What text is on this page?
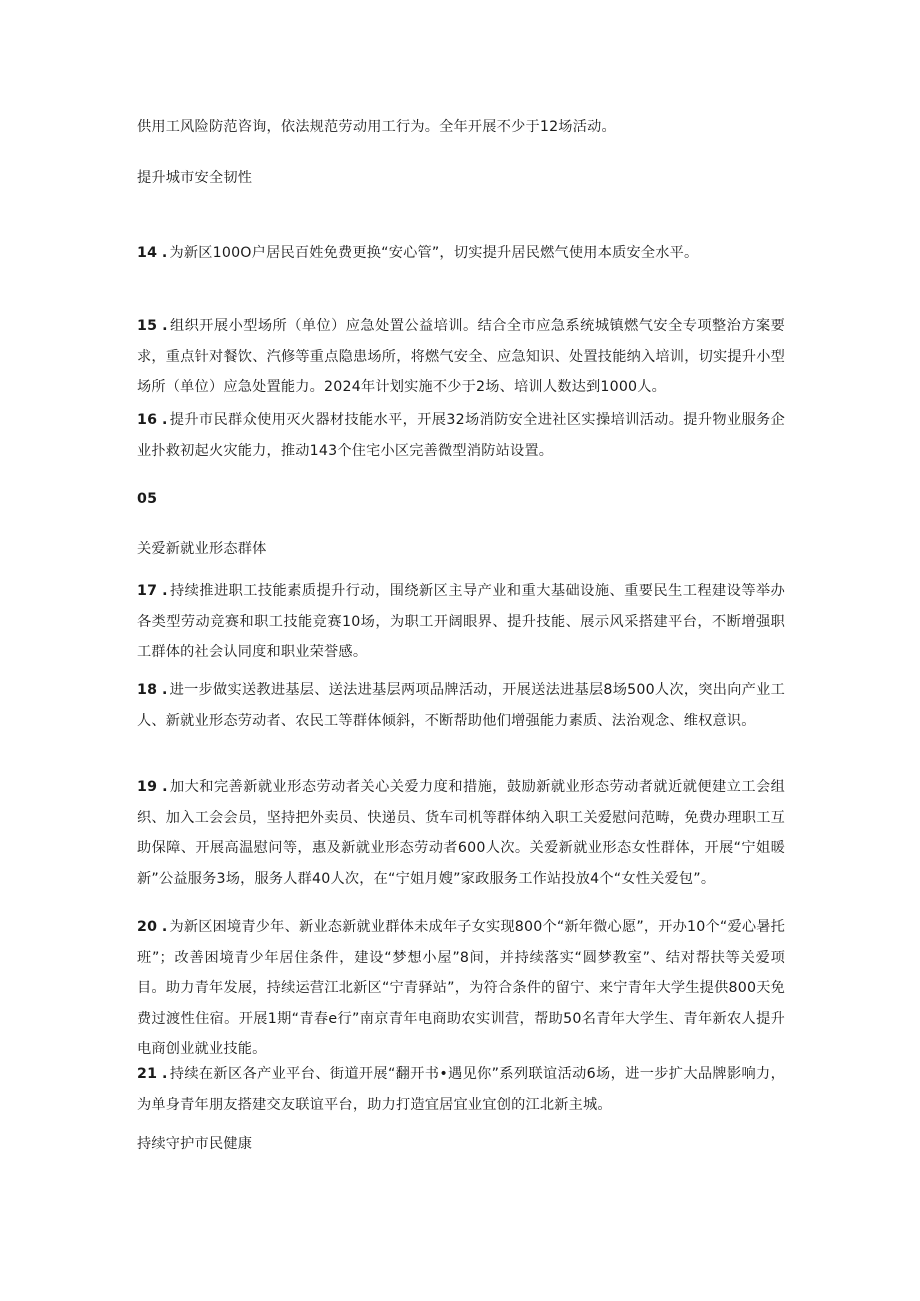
供用工风险防范咨询，依法规范劳动用工行为。全年开展不少于12场活动。
提升城市安全韧性
14 . 为新区100O户居民百姓免费更换“安心管”，切实提升居民燃气使用本质安全水平。
15 . 组织开展小型场所（单位）应急处置公益培训。结合全市应急系统城镇燃气安全专项整治方案要求，重点针对餐饮、汽修等重点隐患场所，将燃气安全、应急知识、处置技能纳入培训，切实提升小型场所（单位）应急处置能力。2024年计划实施不少于2场、培训人数达到1000人。
16 . 提升市民群众使用灭火器材技能水平，开展32场消防安全进社区实操培训活动。提升物业服务企业扑救初起火灾能力，推动143个住宅小区完善微型消防站设置。
05
关爱新就业形态群体
17 . 持续推进职工技能素质提升行动，围绕新区主导产业和重大基础设施、重要民生工程建设等举办各类型劳动竞赛和职工技能竞赛10场，为职工开阔眼界、提升技能、展示风采搭建平台，不断增强职工群体的社会认同度和职业荣誉感。
18 . 进一步做实送教进基层、送法进基层两项品牌活动，开展送法进基层8场500人次，突出向产业工人、新就业形态劳动者、农民工等群体倾斜，不断帮助他们增强能力素质、法治观念、维权意识。
19 . 加大和完善新就业形态劳动者关心关爱力度和措施，鼓励新就业形态劳动者就近就便建立工会组织、加入工会会员，坚持把外卖员、快递员、货车司机等群体纳入职工关爱慰问范畴，免费办理职工互助保障、开展高温慰问等，惠及新就业形态劳动者600人次。关爱新就业形态女性群体，开展“宁姐暖新”公益服务3场，服务人群40人次，在“宁姐月嫂”家政服务工作站投放4个“女性关爱包”。
20 . 为新区困境青少年、新业态新就业群体未成年子女实现800个“新年微心愿”，开办10个“爱心暑托班”；改善困境青少年居住条件，建设“梦想小屋”8间，并持续落实“圆梦教室”、结对帮扶等关爱项目。助力青年发展，持续运营江北新区“宁青驿站”，为符合条件的留宁、来宁青年大学生提供800天免费过渡性住宿。开展1期“青春e行”南京青年电商助农实训营，帮助50名青年大学生、青年新农人提升电商创业就业技能。
21 . 持续在新区各产业平台、街道开展“翻开书•遇见你”系列联谊活动6场，进一步扩大品牌影响力，为单身青年朋友搭建交友联谊平台，助力打造宜居宜业宜创的江北新主城。
持续守护市民健康
